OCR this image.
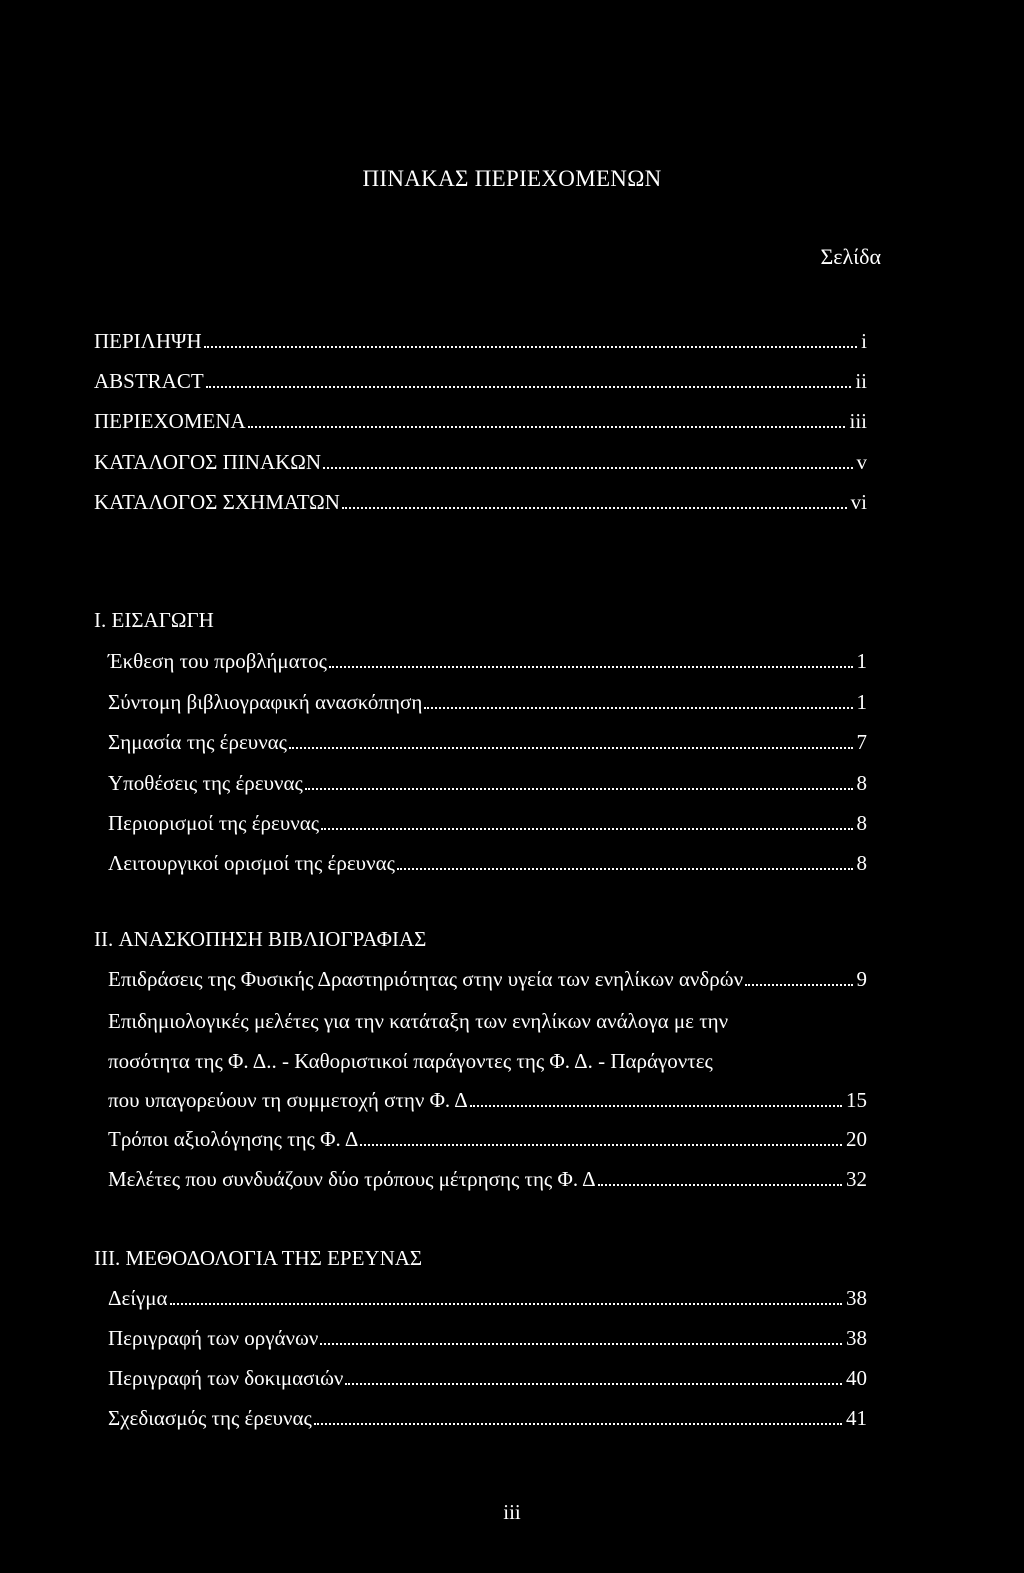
ΠΙΝΑΚΑΣ ΠΕΡΙΕΧΟΜΕΝΩΝ
Σελίδα
ΠΕΡΙΛΗΨΗ	i
ABSTRACT	ii
ΠΕΡΙΕΧΟΜΕΝΑ	iii
ΚΑΤΑΛΟΓΟΣ ΠΙΝΑΚΩΝ	v
ΚΑΤΑΛΟΓΟΣ ΣΧΗΜΑΤΩΝ	vi
I. ΕΙΣΑΓΩΓΗ
Έκθεση του προβλήματος	1
Σύντομη βιβλιογραφική ανασκόπηση	1
Σημασία της έρευνας	7
Υποθέσεις της έρευνας	8
Περιορισμοί της έρευνας	8
Λειτουργικοί ορισμοί της έρευνας	8
II. ΑΝΑΣΚΟΠΗΣΗ ΒΙΒΛΙΟΓΡΑΦΙΑΣ
Επιδράσεις της Φυσικής Δραστηριότητας στην υγεία των ενηλίκων ανδρών	9
Επιδημιολογικές μελέτες για την κατάταξη των ενηλίκων ανάλογα με την
ποσότητα της Φ. Δ.. - Καθοριστικοί παράγοντες της Φ. Δ. - Παράγοντες
που υπαγορεύουν τη συμμετοχή στην Φ. Δ	15
Τρόποι αξιολόγησης της Φ. Δ	20
Μελέτες που συνδυάζουν δύο τρόπους μέτρησης της Φ. Δ	32
III. ΜΕΘΟΔΟΛΟΓΙΑ ΤΗΣ ΕΡΕΥΝΑΣ
Δείγμα	38
Περιγραφή των οργάνων	38
Περιγραφή των δοκιμασιών	40
Σχεδιασμός της έρευνας	41
iii
